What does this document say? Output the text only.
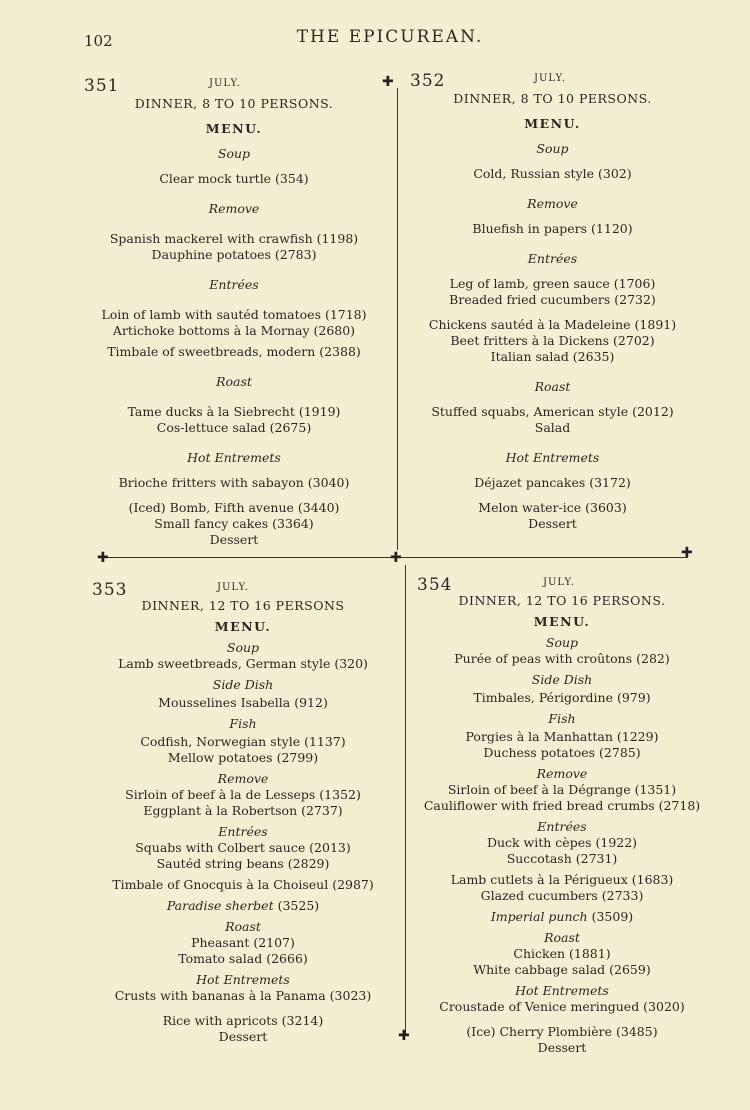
102	THE EPICUREAN.
✚
✚	✚	✚
✚
351	JULY.
DINNER, 8 TO 10 PERSONS.
MENU.
Soup
Clear mock turtle (354)
Remove
Spanish mackerel with crawfish (1198)
Dauphine potatoes (2783)
Entrées
Loin of lamb with sautéd tomatoes (1718)
Artichoke bottoms à la Mornay (2680)
Timbale of sweetbreads, modern (2388)
Roast
Tame ducks à la Siebrecht (1919)
Cos-lettuce salad (2675)
Hot Entremets
Brioche fritters with sabayon (3040)
(Iced) Bomb, Fifth avenue (3440)
Small fancy cakes (3364)
Dessert
352	JULY.
DINNER, 8 TO 10 PERSONS.
MENU.
Soup
Cold, Russian style (302)
Remove
Bluefish in papers (1120)
Entrées
Leg of lamb, green sauce (1706)
Breaded fried cucumbers (2732)
Chickens sautéd à la Madeleine (1891)
Beet fritters à la Dickens (2702)
Italian salad (2635)
Roast
Stuffed squabs, American style (2012)
Salad
Hot Entremets
Déjazet pancakes (3172)
Melon water-ice (3603)
Dessert
353	JULY.
DINNER, 12 TO 16 PERSONS
MENU.
Soup
Lamb sweetbreads, German style (320)
Side Dish
Mousselines Isabella (912)
Fish
Codfish, Norwegian style (1137)
Mellow potatoes (2799)
Remove
Sirloin of beef à la de Lesseps (1352)
Eggplant à la Robertson (2737)
Entrées
Squabs with Colbert sauce (2013)
Sautéd string beans (2829)
Timbale of Gnocquis à la Choiseul (2987)
Paradise sherbet (3525)
Roast
Pheasant (2107)
Tomato salad (2666)
Hot Entremets
Crusts with bananas à la Panama (3023)
Rice with apricots (3214)
Dessert
354	JULY.
DINNER, 12 TO 16 PERSONS.
MENU.
Soup
Purée of peas with croûtons (282)
Side Dish
Timbales, Périgordine (979)
Fish
Porgies à la Manhattan (1229)
Duchess potatoes (2785)
Remove
Sirloin of beef à la Dégrange (1351)
Cauliflower with fried bread crumbs (2718)
Entrées
Duck with cèpes (1922)
Succotash (2731)
Lamb cutlets à la Périgueux (1683)
Glazed cucumbers (2733)
Imperial punch (3509)
Roast
Chicken (1881)
White cabbage salad (2659)
Hot Entremets
Croustade of Venice meringued (3020)
(Ice) Cherry Plombière (3485)
Dessert
